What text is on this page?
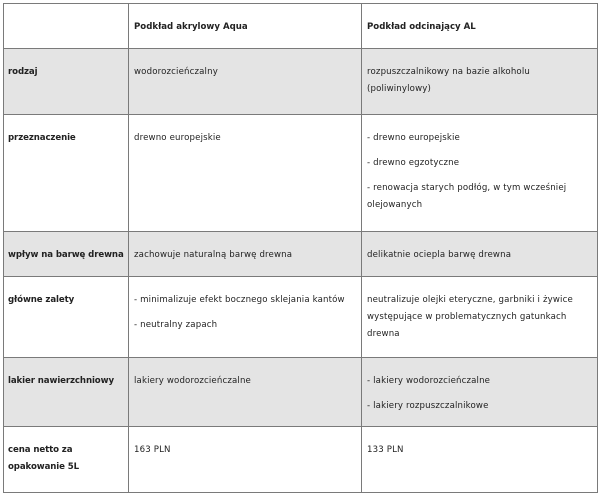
	Podkład akrylowy Aqua	Podkład odcinający AL

rodzaj	wodorozcieńczalny	rozpuszczalnikowy na bazie alkoholu (poliwinylowy)

przeznaczenie	drewno europejskie	- drewno europejskie
- drewno egzotyczne
- renowacja starych podłóg, w tym wcześniej olejowanych

wpływ na barwę drewna	zachowuje naturalną barwę drewna	delikatnie ociepla barwę drewna

główne zalety	- minimalizuje efekt bocznego sklejania kantów
- neutralny zapach	neutralizuje olejki eteryczne, garbniki i żywice występujące w problematycznych gatunkach drewna

lakier nawierzchniowy	lakiery wodorozcieńczalne	- lakiery wodorozcieńczalne
- lakiery rozpuszczalnikowe

cena netto za opakowanie 5L	163 PLN	133 PLN
